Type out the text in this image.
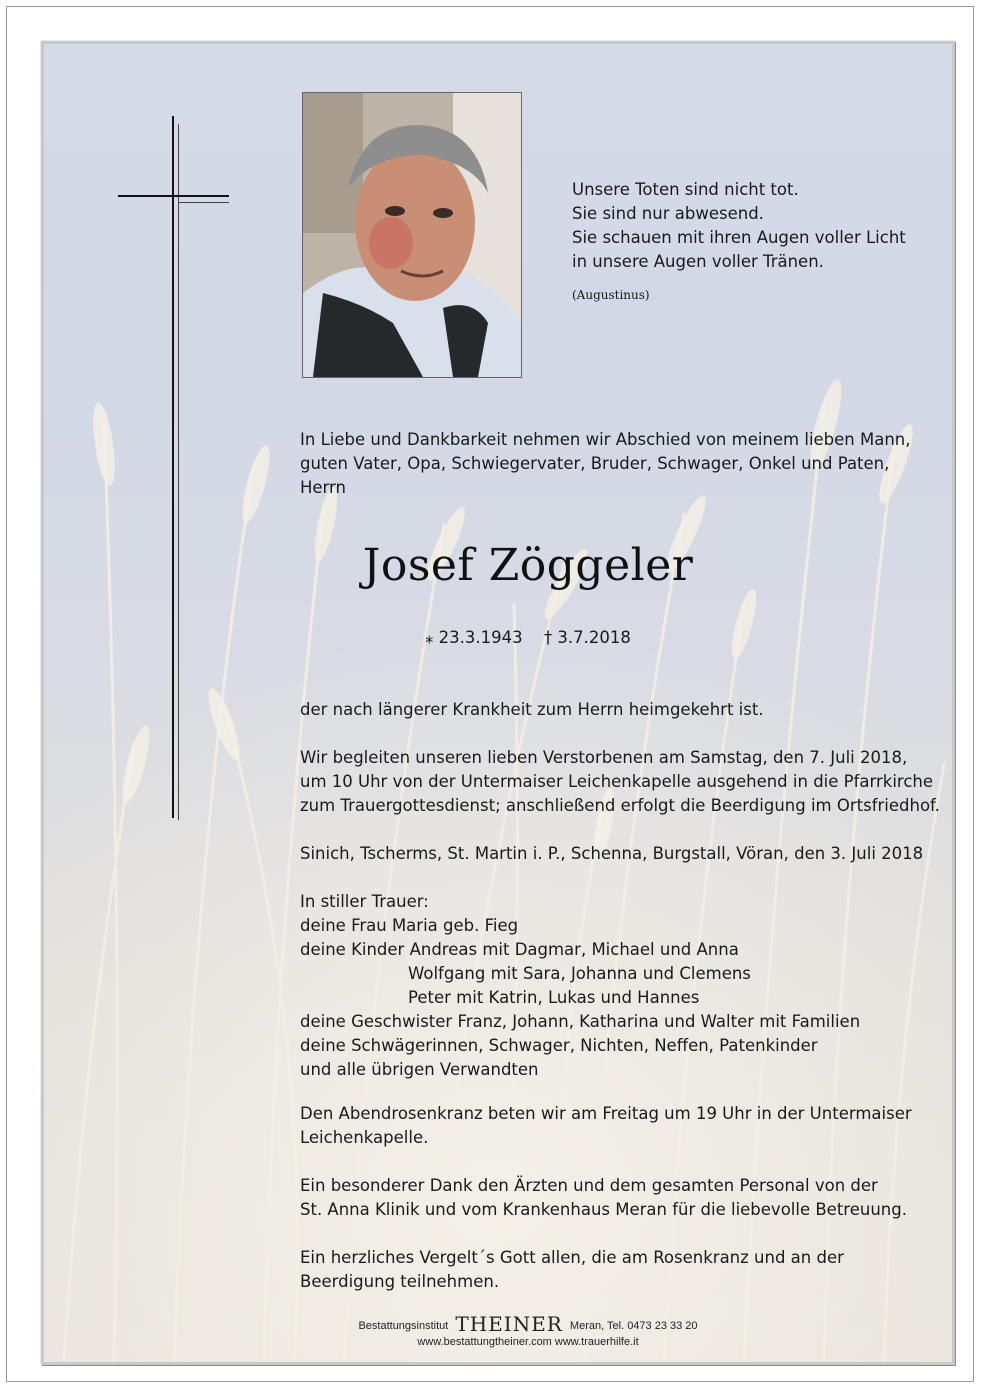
Unsere Toten sind nicht tot.
Sie sind nur abwesend.
Sie schauen mit ihren Augen voller Licht
in unsere Augen voller Tränen.
(Augustinus)
In Liebe und Dankbarkeit nehmen wir Abschied von meinem lieben Mann,
guten Vater, Opa, Schwiegervater, Bruder, Schwager, Onkel und Paten,
Herrn
Josef Zöggeler
⁎ 23.3.1943 † 3.7.2018
der nach längerer Krankheit zum Herrn heimgekehrt ist.
Wir begleiten unseren lieben Verstorbenen am Samstag, den 7. Juli 2018,
um 10 Uhr von der Untermaiser Leichenkapelle ausgehend in die Pfarrkirche
zum Trauergottesdienst; anschließend erfolgt die Beerdigung im Ortsfriedhof.
Sinich, Tscherms, St. Martin i. P., Schenna, Burgstall, Vöran, den 3. Juli 2018
In stiller Trauer:
deine Frau Maria geb. Fieg
deine Kinder Andreas mit Dagmar, Michael und Anna
Wolfgang mit Sara, Johanna und Clemens
Peter mit Katrin, Lukas und Hannes
deine Geschwister Franz, Johann, Katharina und Walter mit Familien
deine Schwägerinnen, Schwager, Nichten, Neffen, Patenkinder
und alle übrigen Verwandten
Den Abendrosenkranz beten wir am Freitag um 19 Uhr in der Untermaiser
Leichenkapelle.
Ein besonderer Dank den Ärzten und dem gesamten Personal von der
St. Anna Klinik und vom Krankenhaus Meran für die liebevolle Betreuung.
Ein herzliches Vergelt´s Gott allen, die am Rosenkranz und an der
Beerdigung teilnehmen.
Bestattungsinstitut THEINER Meran, Tel. 0473 23 33 20
www.bestattungtheiner.com www.trauerhilfe.it
